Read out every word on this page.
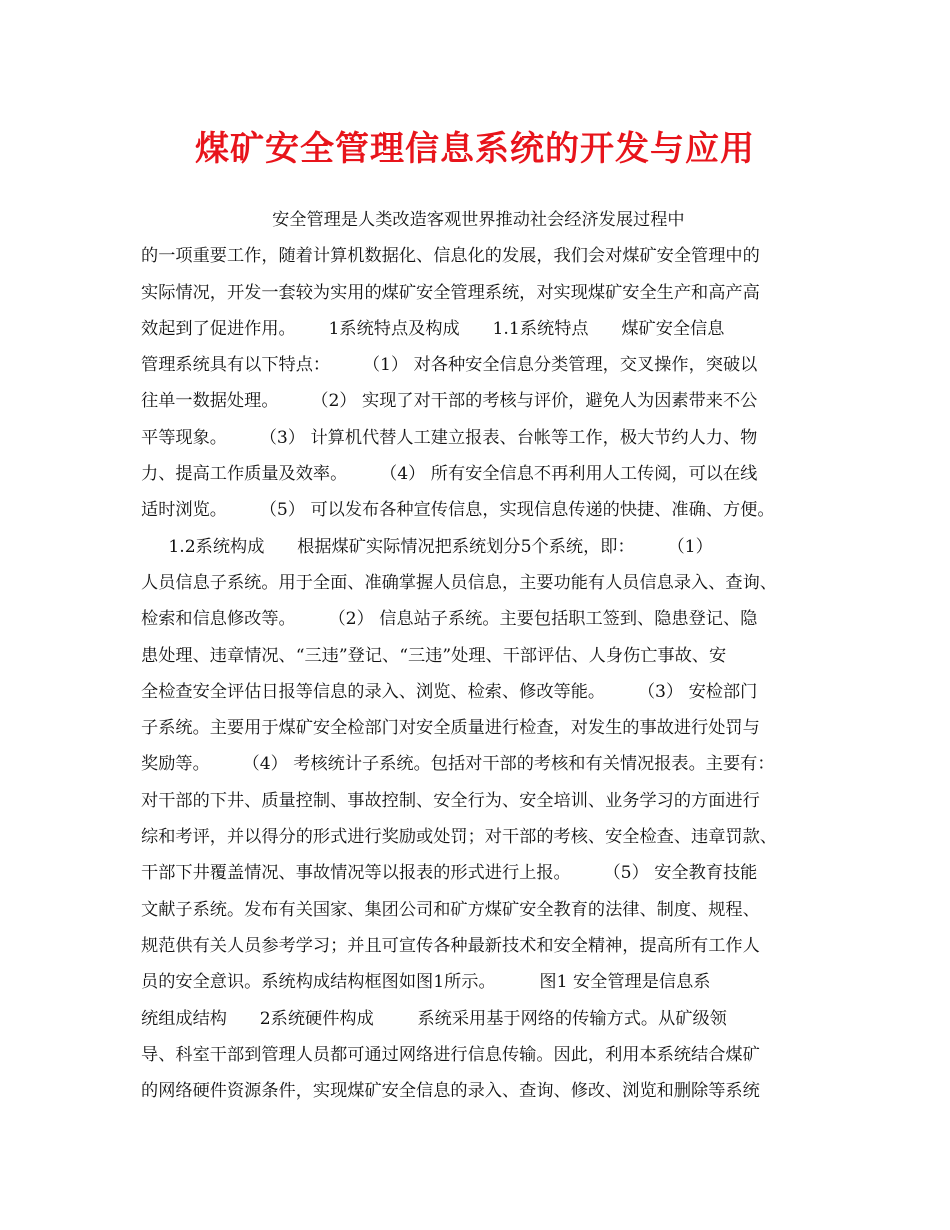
煤矿安全管理信息系统的开发与应用

安全管理是人类改造客观世界推动社会经济发展过程中

的一项重要工作，随着计算机数据化、信息化的发展，我们会对煤矿安全管理中的

实际情况，开发一套较为实用的煤矿安全管理系统，对实现煤矿安全生产和高产高

效起到了促进作用。      1系统特点及构成      1.1系统特点      煤矿安全信息

管理系统具有以下特点：      （1） 对各种安全信息分类管理，交叉操作，突破以

往单一数据处理。      （2） 实现了对干部的考核与评价，避免人为因素带来不公

平等现象。      （3） 计算机代替人工建立报表、台帐等工作，极大节约人力、物

力、提高工作质量及效率。      （4） 所有安全信息不再利用人工传阅，可以在线

适时浏览。      （5） 可以发布各种宣传信息，实现信息传递的快捷、准确、方便。

1.2系统构成      根据煤矿实际情况把系统划分5个系统，即：      （1）

人员信息子系统。用于全面、准确掌握人员信息，主要功能有人员信息录入、查询、

检索和信息修改等。      （2） 信息站子系统。主要包括职工签到、隐患登记、隐

患处理、违章情况、“三违”登记、“三违”处理、干部评估、人身伤亡事故、安

全检查安全评估日报等信息的录入、浏览、检索、修改等能。      （3） 安检部门

子系统。主要用于煤矿安全检部门对安全质量进行检查，对发生的事故进行处罚与

奖励等。      （4） 考核统计子系统。包括对干部的考核和有关情况报表。主要有：

对干部的下井、质量控制、事故控制、安全行为、安全培训、业务学习的方面进行

综和考评，并以得分的形式进行奖励或处罚；对干部的考核、安全检查、违章罚款、

干部下井覆盖情况、事故情况等以报表的形式进行上报。      （5） 安全教育技能

文献子系统。发布有关国家、集团公司和矿方煤矿安全教育的法律、制度、规程、

规范供有关人员参考学习；并且可宣传各种最新技术和安全精神，提高所有工作人

员的安全意识。系统构成结构框图如图1所示。        图1 安全管理是信息系

统组成结构      2系统硬件构成        系统采用基于网络的传输方式。从矿级领

导、科室干部到管理人员都可通过网络进行信息传输。因此，利用本系统结合煤矿

的网络硬件资源条件，实现煤矿安全信息的录入、查询、修改、浏览和删除等系统
